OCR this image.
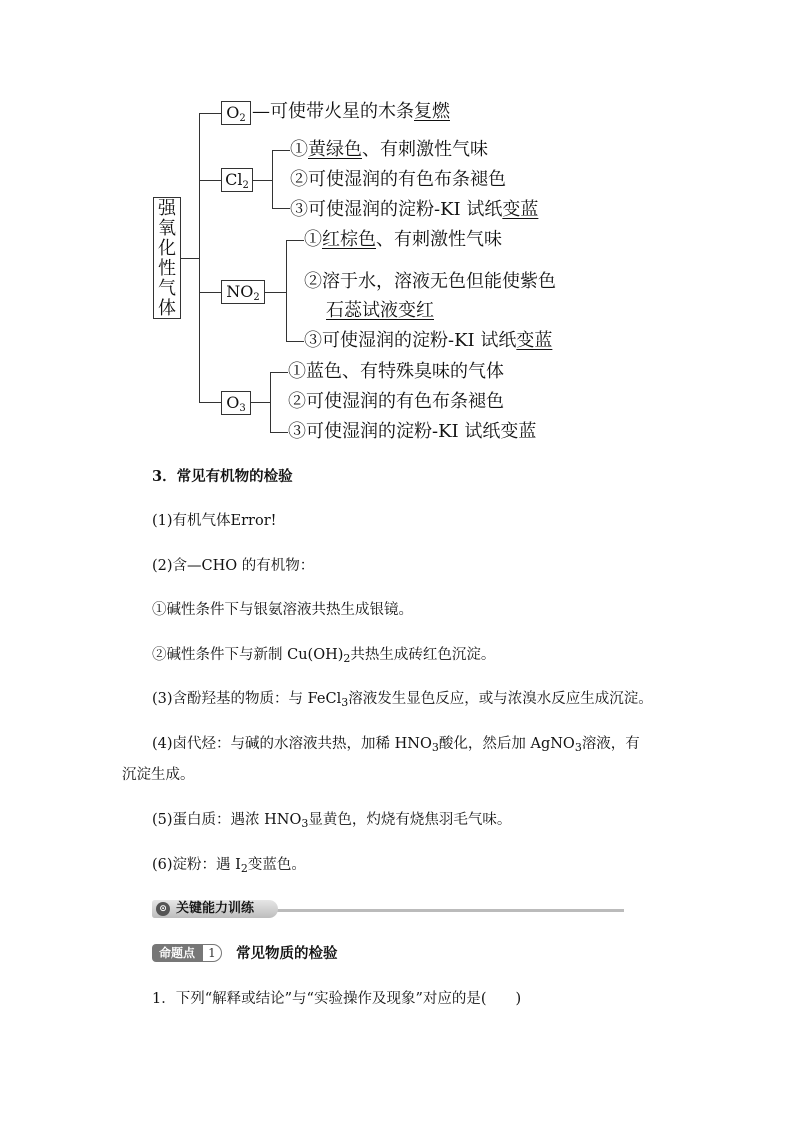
强
氧
化
性
气
体
$O_2$ —可使带火星的木条复燃
$Cl_2$
①黄绿色、有刺激性气味
②可使湿润的有色布条褪色
③可使湿润的淀粉-KI 试纸变蓝
$NO_2$
①红棕色、有刺激性气味
②溶于水，溶液无色但能使紫色
石蕊试液变红
③可使湿润的淀粉-KI 试纸变蓝
$O_3$
①蓝色、有特殊臭味的气体
②可使湿润的有色布条褪色
③可使湿润的淀粉-KI 试纸变蓝
3．常见有机物的检验
(1)有机气体Error!
(2)含—CHO 的有机物：
①碱性条件下与银氨溶液共热生成银镜。
②碱性条件下与新制 $Cu(OH)_2$共热生成砖红色沉淀。
(3)含酚羟基的物质：与 FeCl$_3$溶液发生显色反应，或与浓溴水反应生成沉淀。
(4)卤代烃：与碱的水溶液共热，加稀 $HNO_3$酸化，然后加 AgNO$_3$溶液，有
沉淀生成。
(5)蛋白质：遇浓 $HNO_3$显黄色，灼烧有烧焦羽毛气味。
(6)淀粉：遇 $I_2$变蓝色。
⊙ 关键能力训练
命题点	1	常见物质的检验
1．下列“解释或结论”与“实验操作及现象”对应的是(　　)
